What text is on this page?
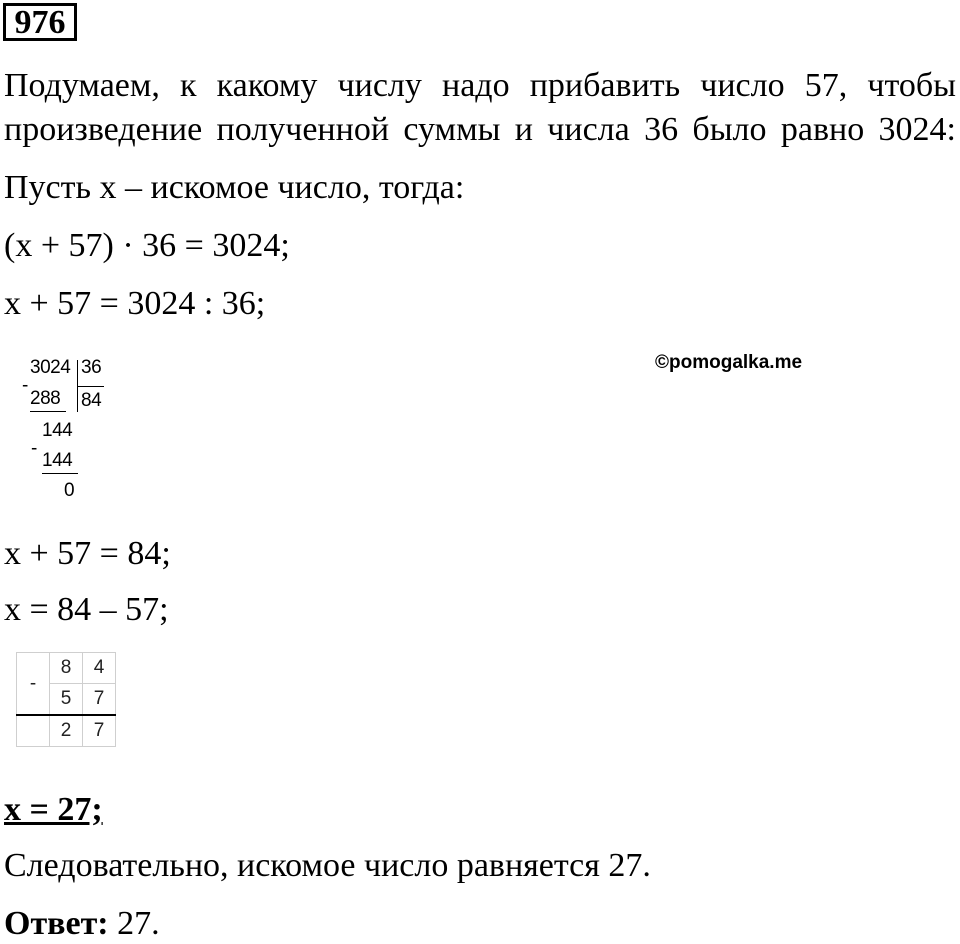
976
Подумаем, к какому числу надо прибавить число 57, чтобы
произведение полученной суммы и числа 36 было равно 3024:
Пусть x – искомое число, тогда:
(x + 57) · 36 = 3024;
x + 57 = 3024 : 36;
©pomogalka.me
3024 36
-
288 84
144
-
144
0
x + 57 = 84;
x = 84 – 57;
-	8	4
	5	7
	2	7
x = 27;
Следовательно, искомое число равняется 27.
Ответ: 27.
